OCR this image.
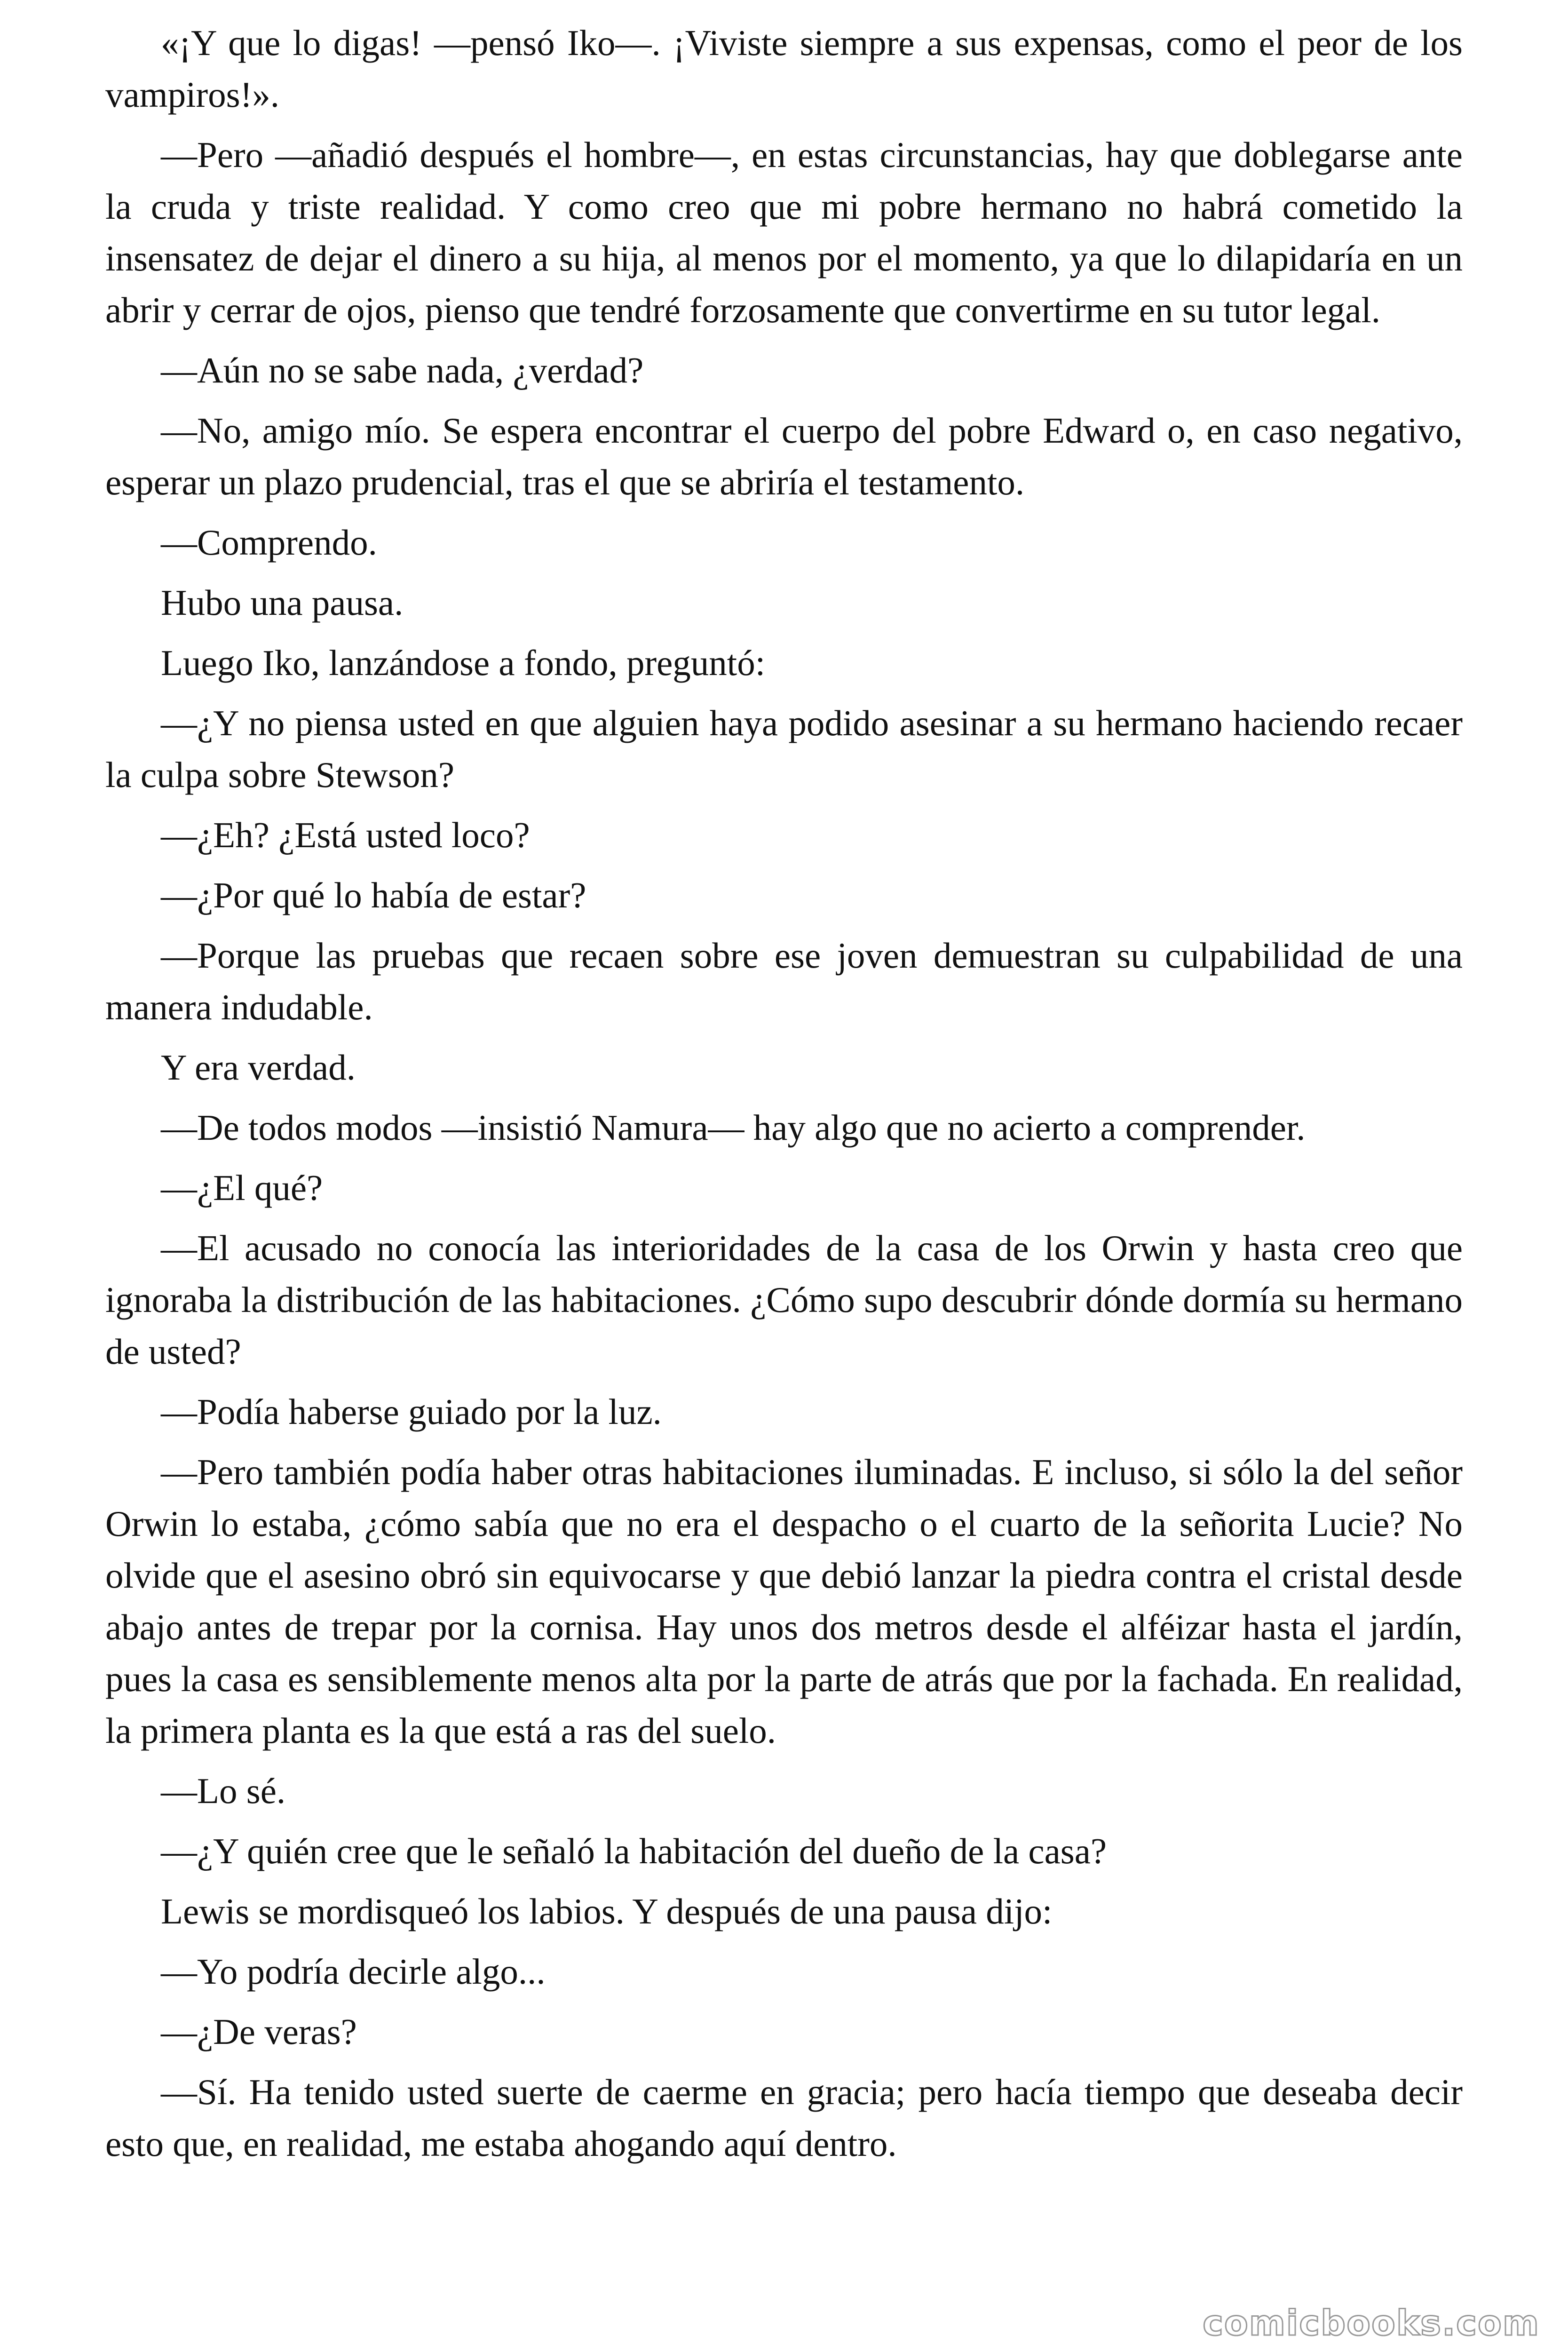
«¡Y que lo digas! —pensó Iko—. ¡Viviste siempre a sus expensas, como el peor de los vampiros!».

—Pero —añadió después el hombre—, en estas circunstancias, hay que doblegarse ante la cruda y triste realidad. Y como creo que mi pobre hermano no habrá cometido la insensatez de dejar el dinero a su hija, al menos por el momento, ya que lo dilapidaría en un abrir y cerrar de ojos, pienso que tendré forzosamente que convertirme en su tutor legal.

—Aún no se sabe nada, ¿verdad?

—No, amigo mío. Se espera encontrar el cuerpo del pobre Edward o, en caso negativo, esperar un plazo prudencial, tras el que se abriría el testamento.

—Comprendo.

Hubo una pausa.

Luego Iko, lanzándose a fondo, preguntó:

—¿Y no piensa usted en que alguien haya podido asesinar a su hermano haciendo recaer la culpa sobre Stewson?

—¿Eh? ¿Está usted loco?

—¿Por qué lo había de estar?

—Porque las pruebas que recaen sobre ese joven demuestran su culpabilidad de una manera indudable.

Y era verdad.

—De todos modos —insistió Namura— hay algo que no acierto a comprender.

—¿El qué?

—El acusado no conocía las interioridades de la casa de los Orwin y hasta creo que ignoraba la distribución de las habitaciones. ¿Cómo supo descubrir dónde dormía su hermano de usted?

—Podía haberse guiado por la luz.

—Pero también podía haber otras habitaciones iluminadas. E incluso, si sólo la del señor Orwin lo estaba, ¿cómo sabía que no era el despacho o el cuarto de la señorita Lucie? No olvide que el asesino obró sin equivocarse y que debió lanzar la piedra contra el cristal desde abajo antes de trepar por la cornisa. Hay unos dos metros desde el alféizar hasta el jardín, pues la casa es sensiblemente menos alta por la parte de atrás que por la fachada. En realidad, la primera planta es la que está a ras del suelo.

—Lo sé.

—¿Y quién cree que le señaló la habitación del dueño de la casa?

Lewis se mordisqueó los labios. Y después de una pausa dijo:

—Yo podría decirle algo...

—¿De veras?

—Sí. Ha tenido usted suerte de caerme en gracia; pero hacía tiempo que deseaba decir esto que, en realidad, me estaba ahogando aquí dentro.

comicbooks.com
